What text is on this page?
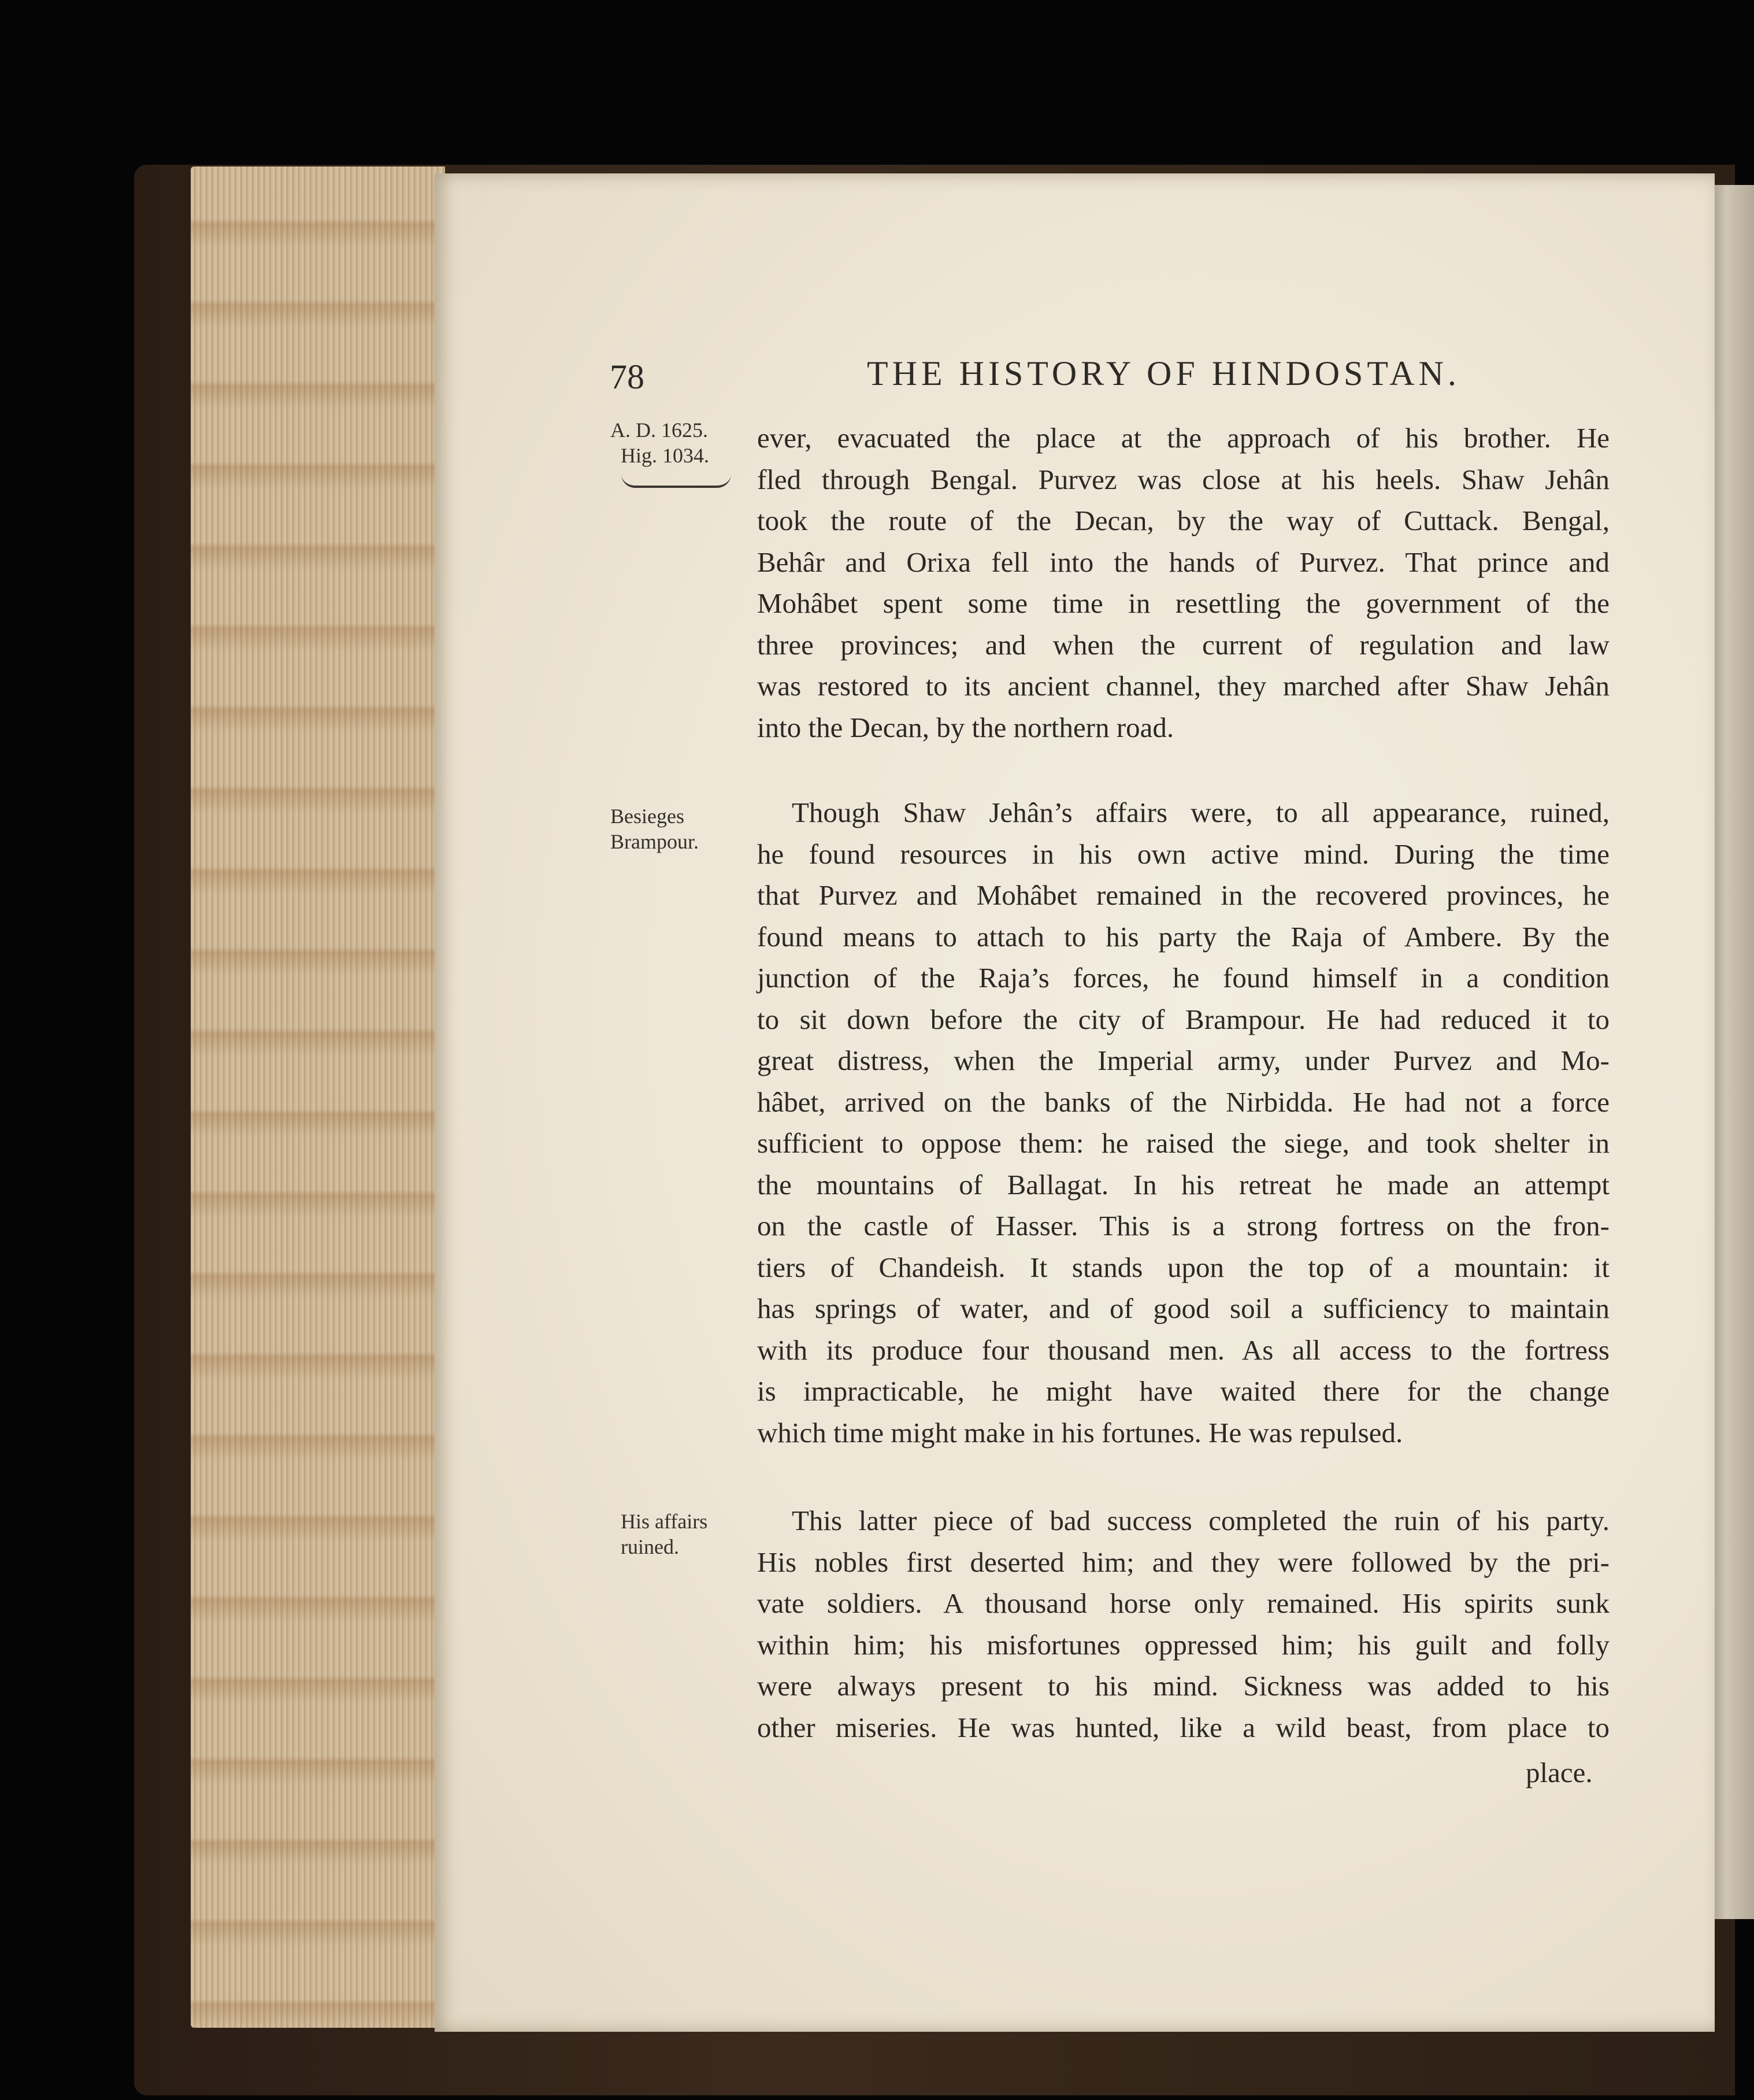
78	THE HISTORY OF HINDOSTAN.
A. D. 1625.
Hig. 1034.
Besieges
Brampour.
His affairs
ruined.
ever, evacuated the place at the approach of his brother. He
fled through Bengal. Purvez was close at his heels. Shaw Jehân
took the route of the Decan, by the way of Cuttack. Bengal,
Behâr and Orixa fell into the hands of Purvez. That prince and
Mohâbet spent some time in resettling the government of the
three provinces; and when the current of regulation and law
was restored to its ancient channel, they marched after Shaw Jehân
into the Decan, by the northern road.
Though Shaw Jehân’s affairs were, to all appearance, ruined,
he found resources in his own active mind. During the time
that Purvez and Mohâbet remained in the recovered provinces, he
found means to attach to his party the Raja of Ambere. By the
junction of the Raja’s forces, he found himself in a condition
to sit down before the city of Brampour. He had reduced it to
great distress, when the Imperial army, under Purvez and Mo-
hâbet, arrived on the banks of the Nirbidda. He had not a force
sufficient to oppose them: he raised the siege, and took shelter in
the mountains of Ballagat. In his retreat he made an attempt
on the castle of Hasser. This is a strong fortress on the fron-
tiers of Chandeish. It stands upon the top of a mountain: it
has springs of water, and of good soil a sufficiency to maintain
with its produce four thousand men. As all access to the fortress
is impracticable, he might have waited there for the change
which time might make in his fortunes. He was repulsed.
This latter piece of bad success completed the ruin of his party.
His nobles first deserted him; and they were followed by the pri-
vate soldiers. A thousand horse only remained. His spirits sunk
within him; his misfortunes oppressed him; his guilt and folly
were always present to his mind. Sickness was added to his
other miseries. He was hunted, like a wild beast, from place to
place.
